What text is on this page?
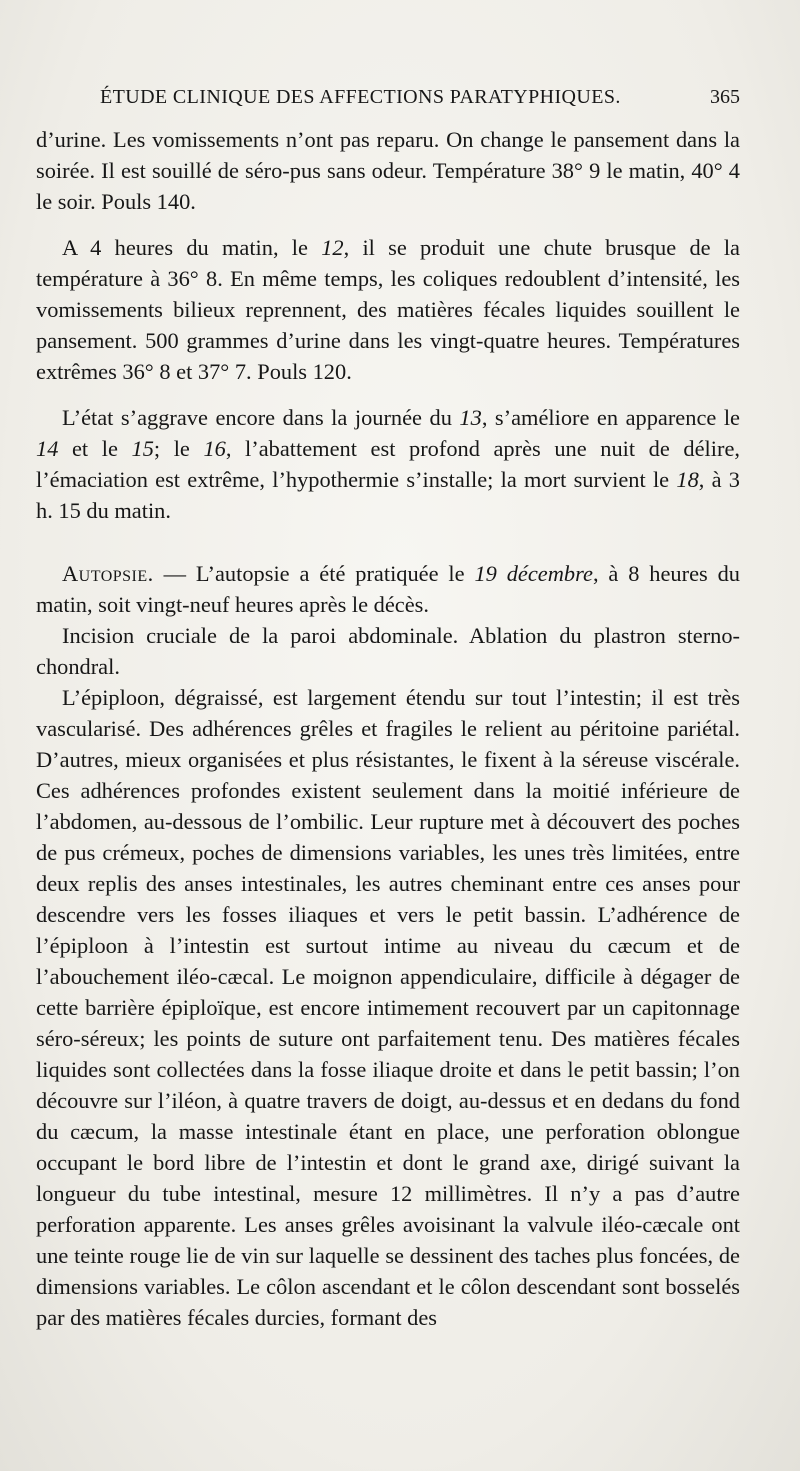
ÉTUDE CLINIQUE DES AFFECTIONS PARATYPHIQUES.	365

d’urine. Les vomissements n’ont pas reparu. On change le pansement dans la soirée. Il est souillé de séro-pus sans odeur. Température 38° 9 le matin, 40° 4 le soir. Pouls 140.

A 4 heures du matin, le 12, il se produit une chute brusque de la température à 36° 8. En même temps, les coliques redoublent d’intensité, les vomissements bilieux reprennent, des matières fécales liquides souillent le pansement. 500 grammes d’urine dans les vingt-quatre heures. Températures extrêmes 36° 8 et 37° 7. Pouls 120.

L’état s’aggrave encore dans la journée du 13, s’améliore en apparence le 14 et le 15; le 16, l’abattement est profond après une nuit de délire, l’émaciation est extrême, l’hypothermie s’installe; la mort survient le 18, à 3 h. 15 du matin.

Autopsie. — L’autopsie a été pratiquée le 19 décembre, à 8 heures du matin, soit vingt-neuf heures après le décès.

Incision cruciale de la paroi abdominale. Ablation du plastron sterno-chondral.

L’épiploon, dégraissé, est largement étendu sur tout l’intestin; il est très vascularisé. Des adhérences grêles et fragiles le relient au péritoine pariétal. D’autres, mieux organisées et plus résistantes, le fixent à la séreuse viscérale. Ces adhérences profondes existent seulement dans la moitié inférieure de l’abdomen, au-dessous de l’ombilic. Leur rupture met à découvert des poches de pus crémeux, poches de dimensions variables, les unes très limitées, entre deux replis des anses intestinales, les autres cheminant entre ces anses pour descendre vers les fosses iliaques et vers le petit bassin. L’adhérence de l’épiploon à l’intestin est surtout intime au niveau du cæcum et de l’abouchement iléo-cæcal. Le moignon appendiculaire, difficile à dégager de cette barrière épiploïque, est encore intimement recouvert par un capitonnage séro-séreux; les points de suture ont parfaitement tenu. Des matières fécales liquides sont collectées dans la fosse iliaque droite et dans le petit bassin; l’on découvre sur l’iléon, à quatre travers de doigt, au-dessus et en dedans du fond du cæcum, la masse intestinale étant en place, une perforation oblongue occupant le bord libre de l’intestin et dont le grand axe, dirigé suivant la longueur du tube intestinal, mesure 12 millimètres. Il n’y a pas d’autre perforation apparente. Les anses grêles avoisinant la valvule iléo-cæcale ont une teinte rouge lie de vin sur laquelle se dessinent des taches plus foncées, de dimensions variables. Le côlon ascendant et le côlon descendant sont bosselés par des matières fécales durcies, formant des
